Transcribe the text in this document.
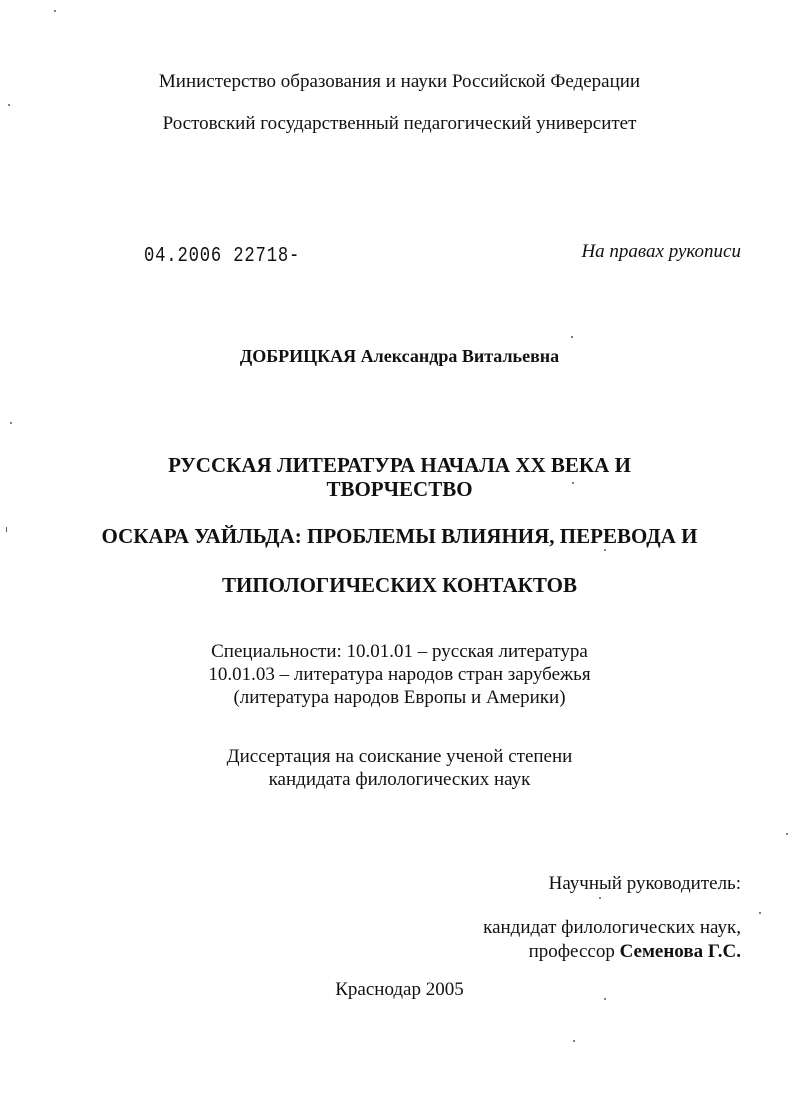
Министерство образования и науки Российской Федерации
Ростовский государственный педагогический университет
04.2006 22718-	На правах рукописи
ДОБРИЦКАЯ Александра Витальевна
РУССКАЯ ЛИТЕРАТУРА НАЧАЛА XX ВЕКА И
ТВОРЧЕСТВО
ОСКАРА УАЙЛЬДА: ПРОБЛЕМЫ ВЛИЯНИЯ, ПЕРЕВОДА И
ТИПОЛОГИЧЕСКИХ КОНТАКТОВ
Специальности: 10.01.01 – русская литература
10.01.03 – литература народов стран зарубежья
(литература народов Европы и Америки)
Диссертация на соискание ученой степени
кандидата филологических наук
Научный руководитель:
кандидат филологических наук,
профессор Семенова Г.С.
Краснодар 2005
